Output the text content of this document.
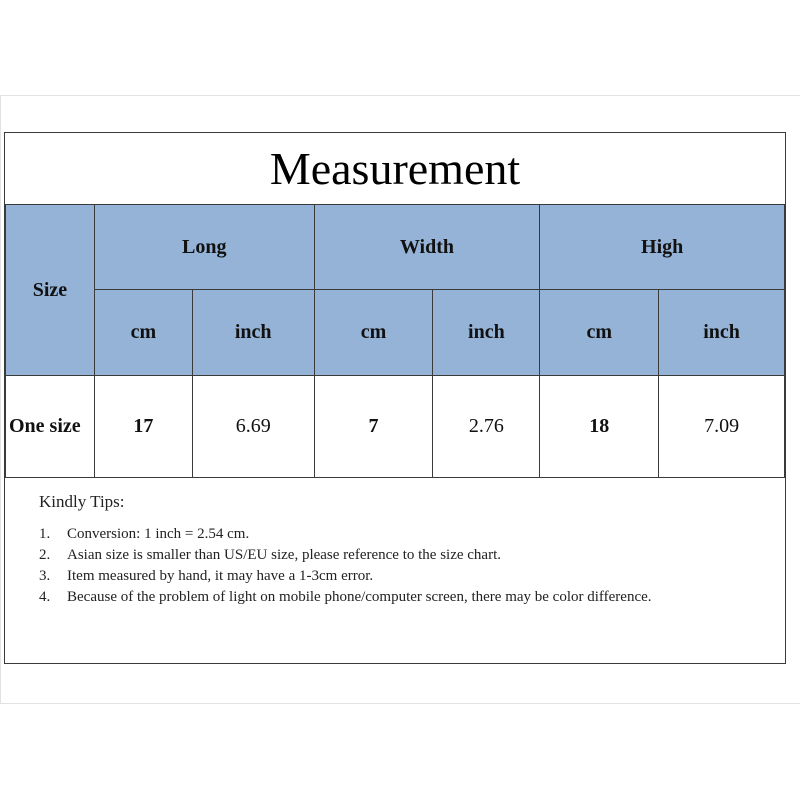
Measurement
Size	Long		Width		High	
	cm	inch	cm	inch	cm	inch
One size	17	6.69	7	2.76	18	7.09
Kindly Tips:
1.	Conversion: 1 inch = 2.54 cm.
2.	Asian size is smaller than US/EU size, please reference to the size chart.
3.	Item measured by hand, it may have a 1-3cm error.
4.	Because of the problem of light on mobile phone/computer screen, there may be color difference.
